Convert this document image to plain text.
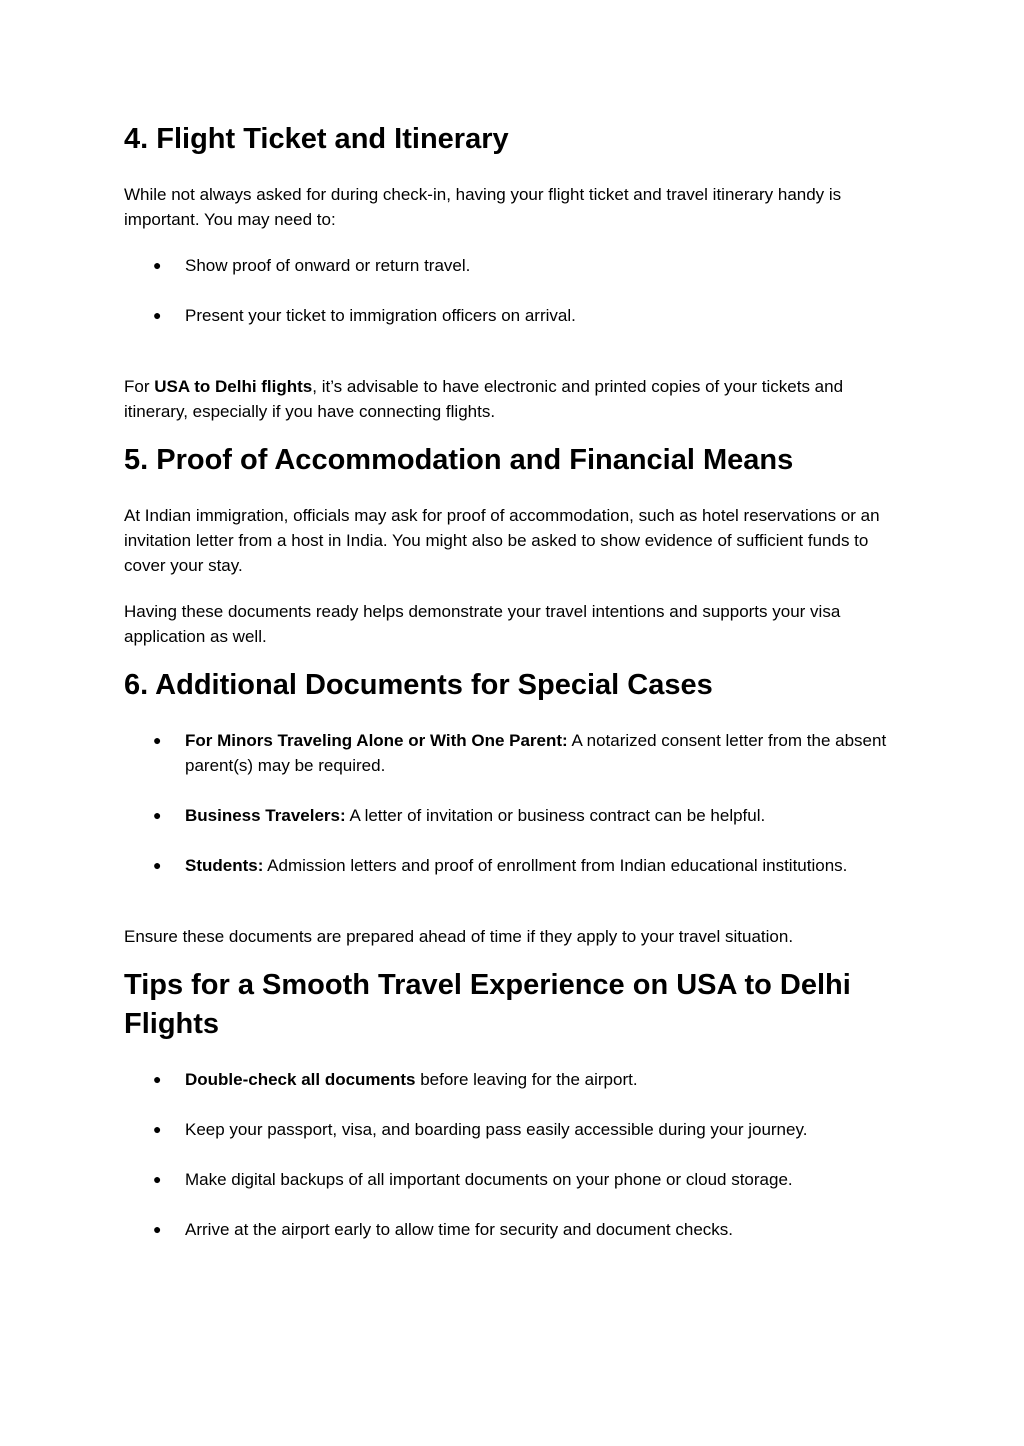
4. Flight Ticket and Itinerary

While not always asked for during check-in, having your flight ticket and travel itinerary handy is important. You may need to:

● Show proof of onward or return travel.
● Present your ticket to immigration officers on arrival.

For USA to Delhi flights, it’s advisable to have electronic and printed copies of your tickets and itinerary, especially if you have connecting flights.

5. Proof of Accommodation and Financial Means

At Indian immigration, officials may ask for proof of accommodation, such as hotel reservations or an invitation letter from a host in India. You might also be asked to show evidence of sufficient funds to cover your stay.

Having these documents ready helps demonstrate your travel intentions and supports your visa application as well.

6. Additional Documents for Special Cases
● For Minors Traveling Alone or With One Parent: A notarized consent letter from the absent parent(s) may be required.
● Business Travelers: A letter of invitation or business contract can be helpful.
● Students: Admission letters and proof of enrollment from Indian educational institutions.

Ensure these documents are prepared ahead of time if they apply to your travel situation.

Tips for a Smooth Travel Experience on USA to Delhi Flights
● Double-check all documents before leaving for the airport.
● Keep your passport, visa, and boarding pass easily accessible during your journey.
● Make digital backups of all important documents on your phone or cloud storage.
● Arrive at the airport early to allow time for security and document checks.
